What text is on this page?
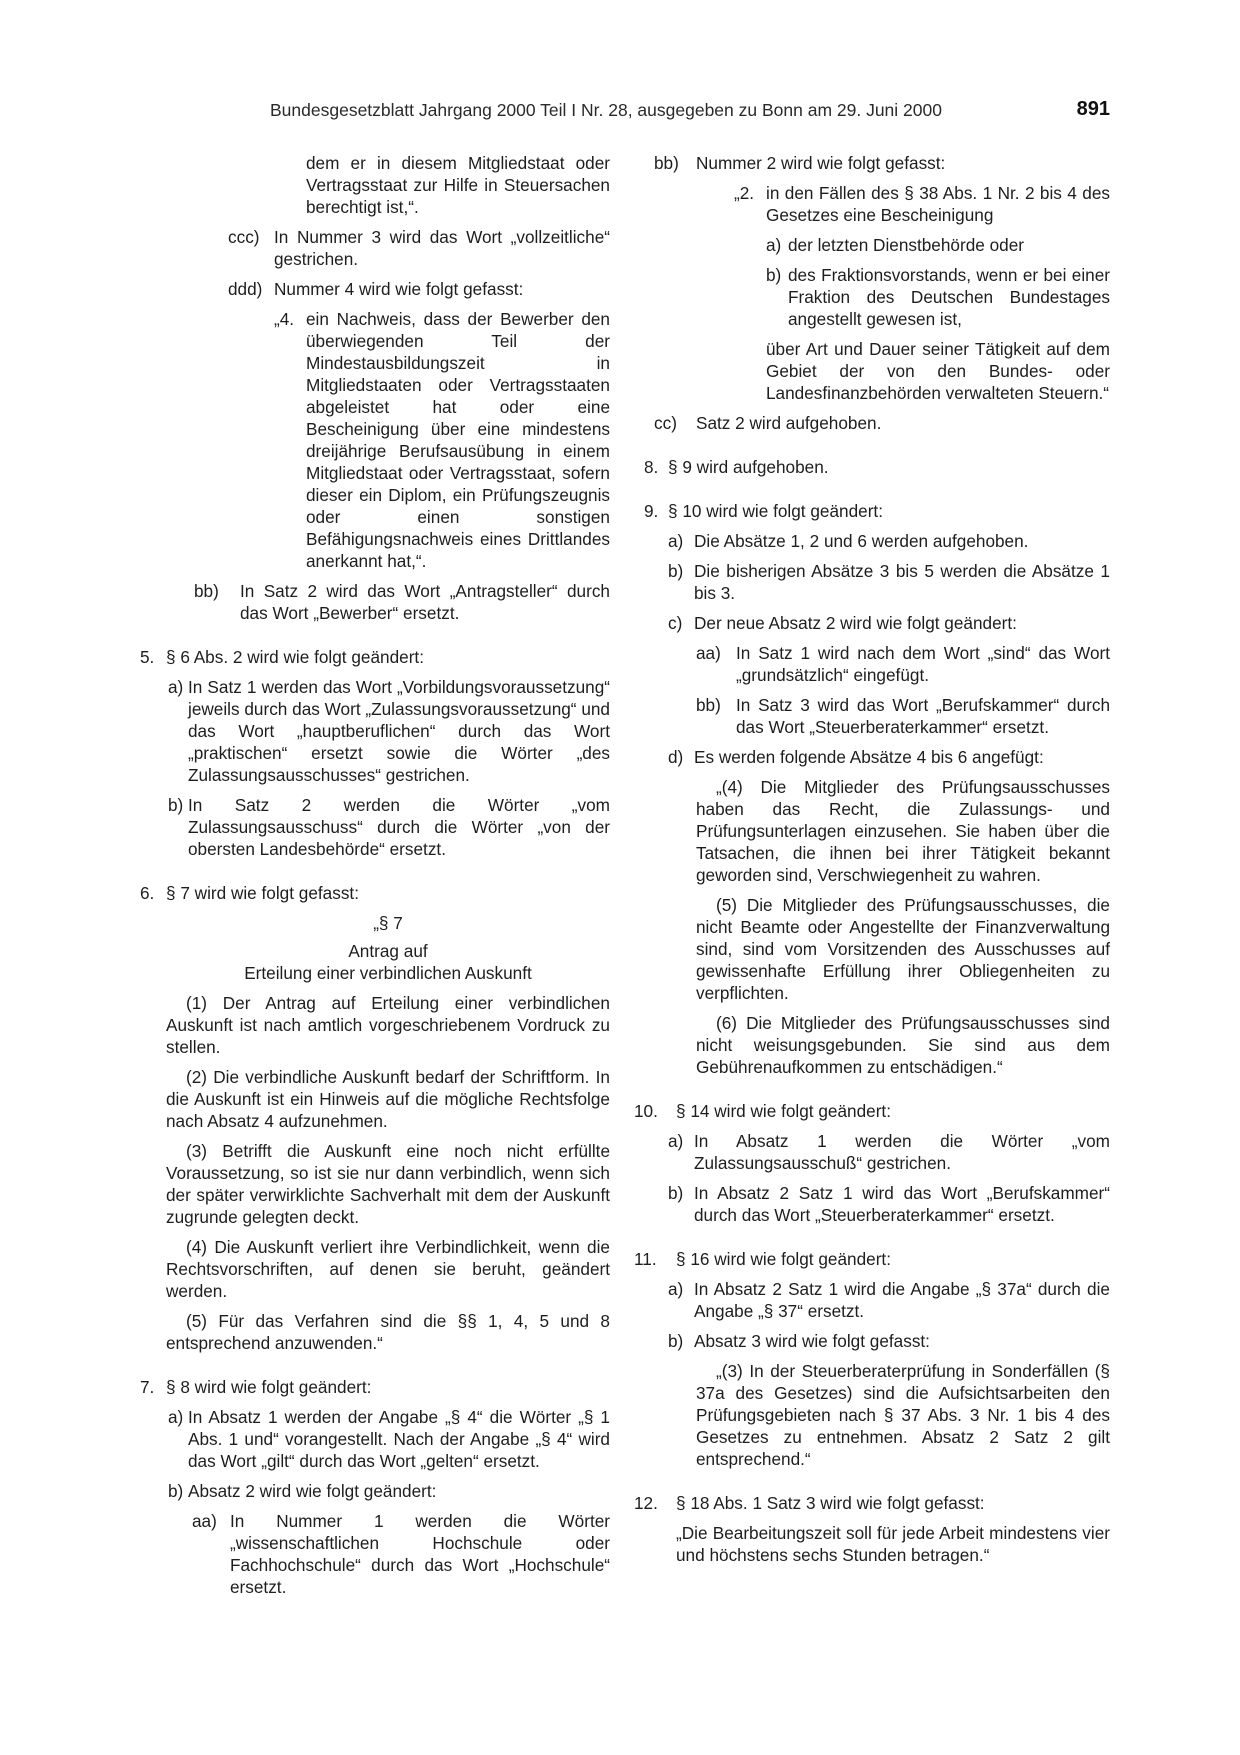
Bundesgesetzblatt Jahrgang 2000 Teil I Nr. 28, ausgegeben zu Bonn am 29. Juni 2000	891
dem er in diesem Mitgliedstaat oder Vertragsstaat zur Hilfe in Steuersachen berechtigt ist,“.
ccc) In Nummer 3 wird das Wort „vollzeitliche“ gestrichen.
ddd) Nummer 4 wird wie folgt gefasst:
„4. ein Nachweis, dass der Bewerber den überwiegenden Teil der Mindestausbildungszeit in Mitgliedstaaten oder Vertragsstaaten abgeleistet hat oder eine Bescheinigung über eine mindestens dreijährige Berufsausübung in einem Mitgliedstaat oder Vertragsstaat, sofern dieser ein Diplom, ein Prüfungszeugnis oder einen sonstigen Befähigungsnachweis eines Drittlandes anerkannt hat,“.
bb) In Satz 2 wird das Wort „Antragsteller“ durch das Wort „Bewerber“ ersetzt.
5. § 6 Abs. 2 wird wie folgt geändert:
a) In Satz 1 werden das Wort „Vorbildungsvoraussetzung“ jeweils durch das Wort „Zulassungsvoraussetzung“ und das Wort „hauptberuflichen“ durch das Wort „praktischen“ ersetzt sowie die Wörter „des Zulassungsausschusses“ gestrichen.
b) In Satz 2 werden die Wörter „vom Zulassungsausschuss“ durch die Wörter „von der obersten Landesbehörde“ ersetzt.
6. § 7 wird wie folgt gefasst:
„§ 7
Antrag auf
Erteilung einer verbindlichen Auskunft
(1) Der Antrag auf Erteilung einer verbindlichen Auskunft ist nach amtlich vorgeschriebenem Vordruck zu stellen.
(2) Die verbindliche Auskunft bedarf der Schriftform. In die Auskunft ist ein Hinweis auf die mögliche Rechtsfolge nach Absatz 4 aufzunehmen.
(3) Betrifft die Auskunft eine noch nicht erfüllte Voraussetzung, so ist sie nur dann verbindlich, wenn sich der später verwirklichte Sachverhalt mit dem der Auskunft zugrunde gelegten deckt.
(4) Die Auskunft verliert ihre Verbindlichkeit, wenn die Rechtsvorschriften, auf denen sie beruht, geändert werden.
(5) Für das Verfahren sind die §§ 1, 4, 5 und 8 entsprechend anzuwenden.“
7. § 8 wird wie folgt geändert:
a) In Absatz 1 werden der Angabe „§ 4“ die Wörter „§ 1 Abs. 1 und“ vorangestellt. Nach der Angabe „§ 4“ wird das Wort „gilt“ durch das Wort „gelten“ ersetzt.
b) Absatz 2 wird wie folgt geändert:
aa) In Nummer 1 werden die Wörter „wissenschaftlichen Hochschule oder Fachhochschule“ durch das Wort „Hochschule“ ersetzt.
bb) Nummer 2 wird wie folgt gefasst:
„2. in den Fällen des § 38 Abs. 1 Nr. 2 bis 4 des Gesetzes eine Bescheinigung
a) der letzten Dienstbehörde oder
b) des Fraktionsvorstands, wenn er bei einer Fraktion des Deutschen Bundestages angestellt gewesen ist,
über Art und Dauer seiner Tätigkeit auf dem Gebiet der von den Bundes- oder Landesfinanzbehörden verwalteten Steuern.“
cc) Satz 2 wird aufgehoben.
8. § 9 wird aufgehoben.
9. § 10 wird wie folgt geändert:
a) Die Absätze 1, 2 und 6 werden aufgehoben.
b) Die bisherigen Absätze 3 bis 5 werden die Absätze 1 bis 3.
c) Der neue Absatz 2 wird wie folgt geändert:
aa) In Satz 1 wird nach dem Wort „sind“ das Wort „grundsätzlich“ eingefügt.
bb) In Satz 3 wird das Wort „Berufskammer“ durch das Wort „Steuerberaterkammer“ ersetzt.
d) Es werden folgende Absätze 4 bis 6 angefügt:
„(4) Die Mitglieder des Prüfungsausschusses haben das Recht, die Zulassungs- und Prüfungsunterlagen einzusehen. Sie haben über die Tatsachen, die ihnen bei ihrer Tätigkeit bekannt geworden sind, Verschwiegenheit zu wahren.
(5) Die Mitglieder des Prüfungsausschusses, die nicht Beamte oder Angestellte der Finanzverwaltung sind, sind vom Vorsitzenden des Ausschusses auf gewissenhafte Erfüllung ihrer Obliegenheiten zu verpflichten.
(6) Die Mitglieder des Prüfungsausschusses sind nicht weisungsgebunden. Sie sind aus dem Gebührenaufkommen zu entschädigen.“
10. § 14 wird wie folgt geändert:
a) In Absatz 1 werden die Wörter „vom Zulassungsausschuß“ gestrichen.
b) In Absatz 2 Satz 1 wird das Wort „Berufskammer“ durch das Wort „Steuerberaterkammer“ ersetzt.
11. § 16 wird wie folgt geändert:
a) In Absatz 2 Satz 1 wird die Angabe „§ 37a“ durch die Angabe „§ 37“ ersetzt.
b) Absatz 3 wird wie folgt gefasst:
„(3) In der Steuerberaterprüfung in Sonderfällen (§ 37a des Gesetzes) sind die Aufsichtsarbeiten den Prüfungsgebieten nach § 37 Abs. 3 Nr. 1 bis 4 des Gesetzes zu entnehmen. Absatz 2 Satz 2 gilt entsprechend.“
12. § 18 Abs. 1 Satz 3 wird wie folgt gefasst:
„Die Bearbeitungszeit soll für jede Arbeit mindestens vier und höchstens sechs Stunden betragen.“
